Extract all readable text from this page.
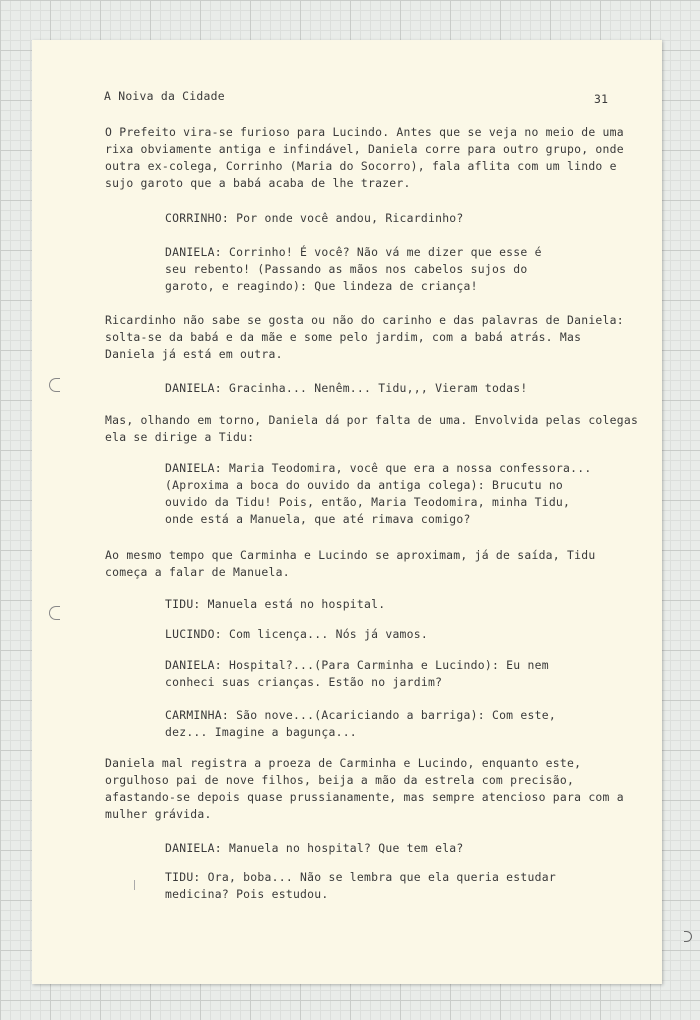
A Noiva da Cidade	31

O Prefeito vira-se furioso para Lucindo. Antes que se veja no meio de uma
rixa obviamente antiga e infindável, Daniela corre para outro grupo, onde
outra ex-colega, Corrinho (Maria do Socorro), fala aflita com um lindo e
sujo garoto que a babá acaba de lhe trazer.

CORRINHO: Por onde você andou, Ricardinho?

DANIELA: Corrinho! É você? Não vá me dizer que esse é
seu rebento! (Passando as mãos nos cabelos sujos do
garoto, e reagindo): Que lindeza de criança!

Ricardinho não sabe se gosta ou não do carinho e das palavras de Daniela:
solta-se da babá e da mãe e some pelo jardim, com a babá atrás. Mas
Daniela já está em outra.

DANIELA: Gracinha... Nenêm... Tidu,,, Vieram todas!

Mas, olhando em torno, Daniela dá por falta de uma. Envolvida pelas colegas
ela se dirige a Tidu:

DANIELA: Maria Teodomira, você que era a nossa confessora...
(Aproxima a boca do ouvido da antiga colega): Brucutu no
ouvido da Tidu! Pois, então, Maria Teodomira, minha Tidu,
onde está a Manuela, que até rimava comigo?

Ao mesmo tempo que Carminha e Lucindo se aproximam, já de saída, Tidu
começa a falar de Manuela.

TIDU: Manuela está no hospital.

LUCINDO: Com licença... Nós já vamos.

DANIELA: Hospital?...(Para Carminha e Lucindo): Eu nem
conheci suas crianças. Estão no jardim?

CARMINHA: São nove...(Acariciando a barriga): Com este,
dez... Imagine a bagunça...

Daniela mal registra a proeza de Carminha e Lucindo, enquanto este,
orgulhoso pai de nove filhos, beija a mão da estrela com precisão,
afastando-se depois quase prussianamente, mas sempre atencioso para com a
mulher grávida.

DANIELA: Manuela no hospital? Que tem ela?

TIDU: Ora, boba... Não se lembra que ela queria estudar
medicina? Pois estudou.
